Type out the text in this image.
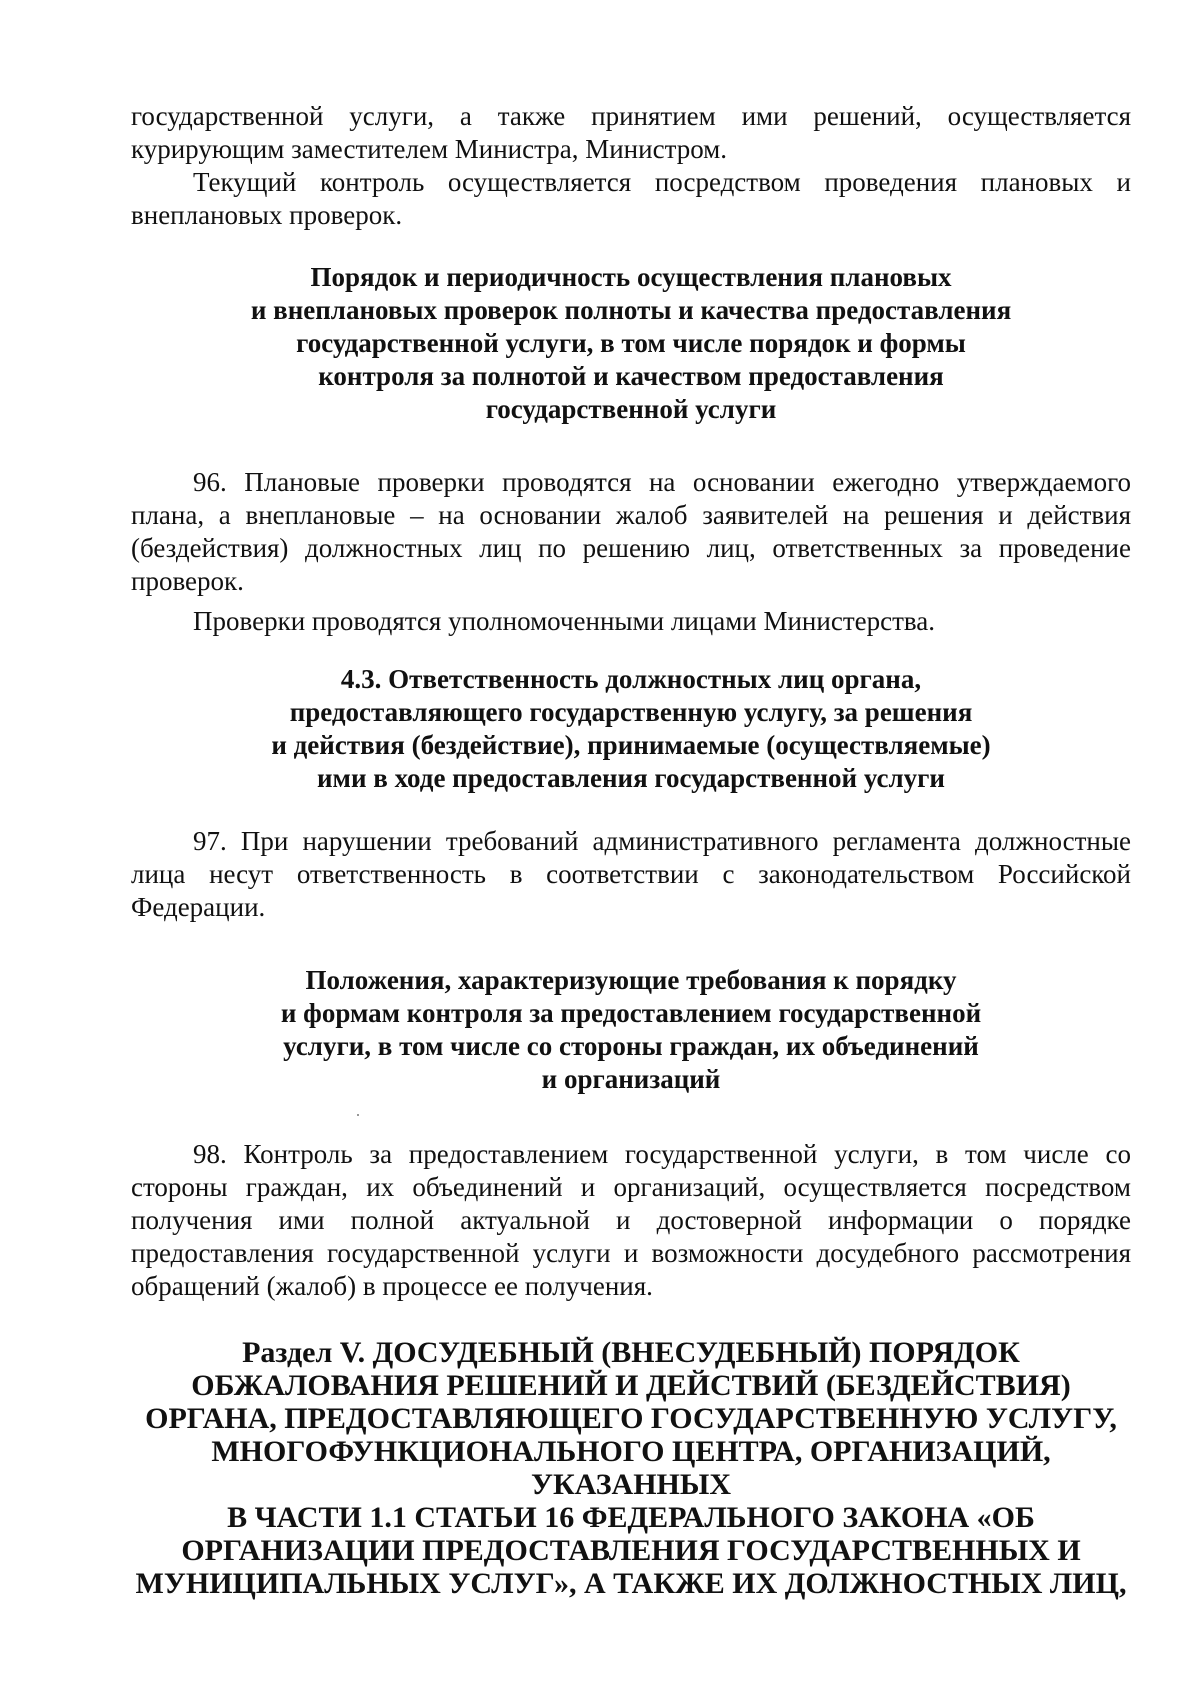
государственной услуги, а также принятием ими решений, осуществляется курирующим заместителем Министра, Министром.

Текущий контроль осуществляется посредством проведения плановых и внеплановых проверок.

Порядок и периодичность осуществления плановых
и внеплановых проверок полноты и качества предоставления
государственной услуги, в том числе порядок и формы
контроля за полнотой и качеством предоставления
государственной услуги

96. Плановые проверки проводятся на основании ежегодно утверждаемого плана, а внеплановые – на основании жалоб заявителей на решения и действия (бездействия) должностных лиц по решению лиц, ответственных за проведение проверок.

Проверки проводятся уполномоченными лицами Министерства.

4.3. Ответственность должностных лиц органа,
предоставляющего государственную услугу, за решения
и действия (бездействие), принимаемые (осуществляемые)
ими в ходе предоставления государственной услуги

97. При нарушении требований административного регламента должностные лица несут ответственность в соответствии с законодательством Российской Федерации.

Положения, характеризующие требования к порядку
и формам контроля за предоставлением государственной
услуги, в том числе со стороны граждан, их объединений
и организаций

98. Контроль за предоставлением государственной услуги, в том числе со стороны граждан, их объединений и организаций, осуществляется посредством получения ими полной актуальной и достоверной информации о порядке предоставления государственной услуги и возможности досудебного рассмотрения обращений (жалоб) в процессе ее получения.

Раздел V. ДОСУДЕБНЫЙ (ВНЕСУДЕБНЫЙ) ПОРЯДОК
ОБЖАЛОВАНИЯ РЕШЕНИЙ И ДЕЙСТВИЙ (БЕЗДЕЙСТВИЯ)
ОРГАНА, ПРЕДОСТАВЛЯЮЩЕГО ГОСУДАРСТВЕННУЮ УСЛУГУ,
МНОГОФУНКЦИОНАЛЬНОГО ЦЕНТРА, ОРГАНИЗАЦИЙ,
УКАЗАННЫХ
В ЧАСТИ 1.1 СТАТЬИ 16 ФЕДЕРАЛЬНОГО ЗАКОНА «ОБ
ОРГАНИЗАЦИИ ПРЕДОСТАВЛЕНИЯ ГОСУДАРСТВЕННЫХ И
МУНИЦИПАЛЬНЫХ УСЛУГ», А ТАКЖЕ ИХ ДОЛЖНОСТНЫХ ЛИЦ,
